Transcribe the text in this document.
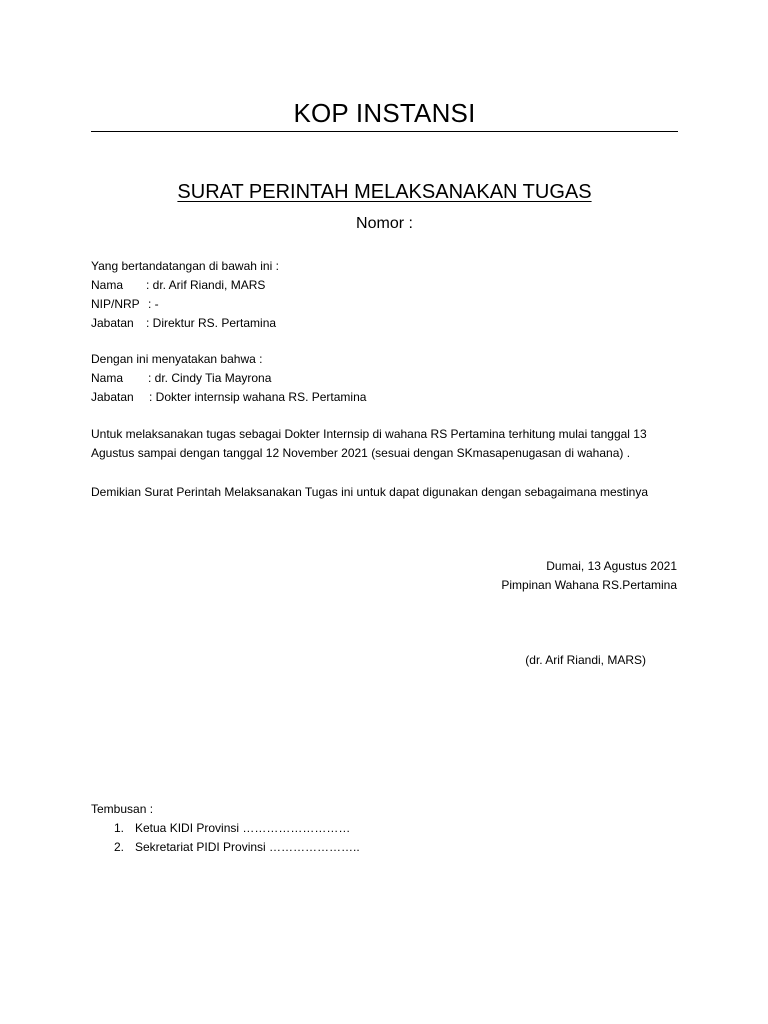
KOP INSTANSI
SURAT PERINTAH MELAKSANAKAN TUGAS
Nomor :
Yang bertandatangan di bawah ini :
Nama : dr. Arif Riandi, MARS
NIP/NRP : -
Jabatan : Direktur RS. Pertamina
Dengan ini menyatakan bahwa :
Nama : dr. Cindy Tia Mayrona
Jabatan : Dokter internsip wahana RS. Pertamina
Untuk melaksanakan tugas sebagai Dokter Internsip di wahana RS Pertamina terhitung mulai tanggal 13
Agustus sampai dengan tanggal 12 November 2021 (sesuai dengan SKmasapenugasan di wahana) .
Demikian Surat Perintah Melaksanakan Tugas ini untuk dapat digunakan dengan sebagaimana mestinya
Dumai, 13 Agustus 2021
Pimpinan Wahana RS.Pertamina
(dr. Arif Riandi, MARS)
Tembusan :
1. Ketua KIDI Provinsi ………………………
2. Sekretariat PIDI Provinsi …………………..
